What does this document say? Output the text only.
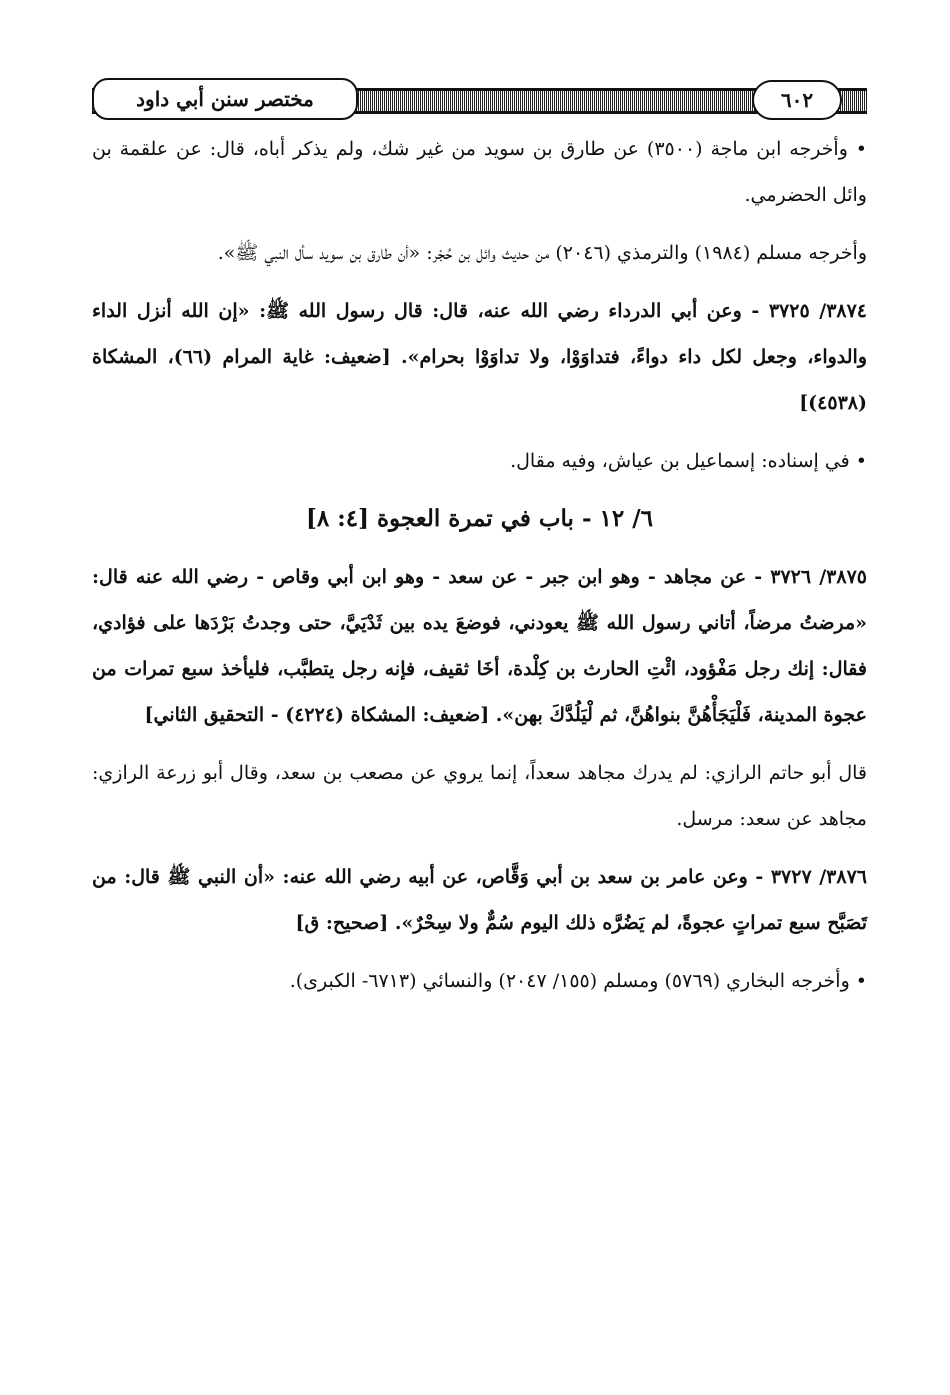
مختصر سنن أبي داود	٦٠٢

• وأخرجه ابن ماجة (٣٥٠٠) عن طارق بن سويد من غير شك، ولم يذكر أباه، قال: عن علقمة بن وائل الحضرمي.

وأخرجه مسلم (١٩٨٤) والترمذي (٢٠٤٦) من حديث وائل بن حُجْر: «أن طارق بن سويد سأل النبي ﷺ».

٣٨٧٤/ ٣٧٢٥ - وعن أبي الدرداء رضي الله عنه، قال: قال رسول الله ﷺ: «إن الله أنزل الداء والدواء، وجعل لكل داء دواءً، فتداوَوْا، ولا تداوَوْا بحرام». [ضعيف: غاية المرام (٦٦)، المشكاة (٤٥٣٨)]

• في إسناده: إسماعيل بن عياش، وفيه مقال.

٦/ ١٢ - باب في تمرة العجوة [٤: ٨]

٣٨٧٥/ ٣٧٢٦ - عن مجاهد - وهو ابن جبر - عن سعد - وهو ابن أبي وقاص - رضي الله عنه قال: «مرضتُ مرضاً، أتاني رسول الله ﷺ يعودني، فوضعَ يده بين ثَدْيَيَّ، حتى وجدتُ بَرْدَها على فؤادي، فقال: إنك رجل مَفْؤود، ائْتِ الحارث بن كِلْدة، أخَا ثقيف، فإنه رجل يتطبَّب، فليأخذ سبع تمرات من عجوة المدينة، فَلْيَجَأْهُنَّ بنواهُنَّ، ثم لْيَلُدَّكَ بهن». [ضعيف: المشكاة (٤٢٢٤) - التحقيق الثاني]

قال أبو حاتم الرازي: لم يدرك مجاهد سعداً، إنما يروي عن مصعب بن سعد، وقال أبو زرعة الرازي: مجاهد عن سعد: مرسل.

٣٨٧٦/ ٣٧٢٧ - وعن عامر بن سعد بن أبي وَقَّاص، عن أبيه رضي الله عنه: «أن النبي ﷺ قال: من تَصَبَّح سبع تمراتٍ عجوةً، لم يَضُرَّه ذلك اليوم سُمٌّ ولا سِحْرٌ». [صحيح: ق]

• وأخرجه البخاري (٥٧٦٩) ومسلم (١٥٥/ ٢٠٤٧) والنسائي (٦٧١٣- الكبرى).
